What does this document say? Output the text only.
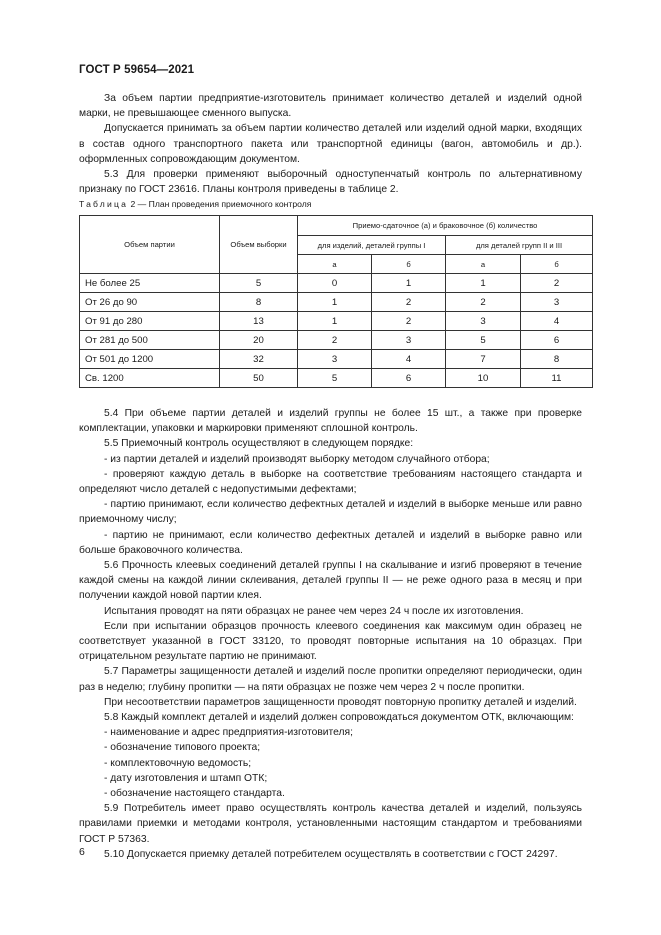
ГОСТ Р 59654—2021

За объем партии предприятие-изготовитель принимает количество деталей и изделий одной марки, не превышающее сменного выпуска.

Допускается принимать за объем партии количество деталей или изделий одной марки, входящих в состав одного транспортного пакета или транспортной единицы (вагон, автомобиль и др.). оформленных сопровождающим документом.

5.3 Для проверки применяют выборочный одноступенчатый контроль по альтернативному признаку по ГОСТ 23616. Планы контроля приведены в таблице 2.

Таблица 2 — План проведения приемочного контроля
Объем партии	Объем выборки	Приемо-сдаточное (а) и браковочное (б) количество			
		для изделий, деталей группы I		для деталей групп II и III	
		а	б	а	б
Не более 25	5	0	1	1	2
От 26 до 90	8	1	2	2	3
От 91 до 280	13	1	2	3	4
От 281 до 500	20	2	3	5	6
От 501 до 1200	32	3	4	7	8
Св. 1200	50	5	6	10	11

5.4 При объеме партии деталей и изделий группы не более 15 шт., а также при проверке комплектации, упаковки и маркировки применяют сплошной контроль.

5.5 Приемочный контроль осуществляют в следующем порядке:

- из партии деталей и изделий производят выборку методом случайного отбора;

- проверяют каждую деталь в выборке на соответствие требованиям настоящего стандарта и определяют число деталей с недопустимыми дефектами;

- партию принимают, если количество дефектных деталей и изделий в выборке меньше или равно приемочному числу;

- партию не принимают, если количество дефектных деталей и изделий в выборке равно или больше браковочного количества.

5.6 Прочность клеевых соединений деталей группы I на скалывание и изгиб проверяют в течение каждой смены на каждой линии склеивания, деталей группы II — не реже одного раза в месяц и при получении каждой новой партии клея.

Испытания проводят на пяти образцах не ранее чем через 24 ч после их изготовления.

Если при испытании образцов прочность клеевого соединения как максимум один образец не соответствует указанной в ГОСТ 33120, то проводят повторные испытания на 10 образцах. При отрицательном результате партию не принимают.

5.7 Параметры защищенности деталей и изделий после пропитки определяют периодически, один раз в неделю; глубину пропитки — на пяти образцах не позже чем через 2 ч после пропитки.

При несоответствии параметров защищенности проводят повторную пропитку деталей и изделий.

5.8 Каждый комплект деталей и изделий должен сопровождаться документом ОТК, включающим:

- наименование и адрес предприятия-изготовителя;

- обозначение типового проекта;

- комплектовочную ведомость;

- дату изготовления и штамп ОТК;

- обозначение настоящего стандарта.

5.9 Потребитель имеет право осуществлять контроль качества деталей и изделий, пользуясь правилами приемки и методами контроля, установленными настоящим стандартом и требованиями ГОСТ Р 57363.

5.10 Допускается приемку деталей потребителем осуществлять в соответствии с ГОСТ 24297.

6
